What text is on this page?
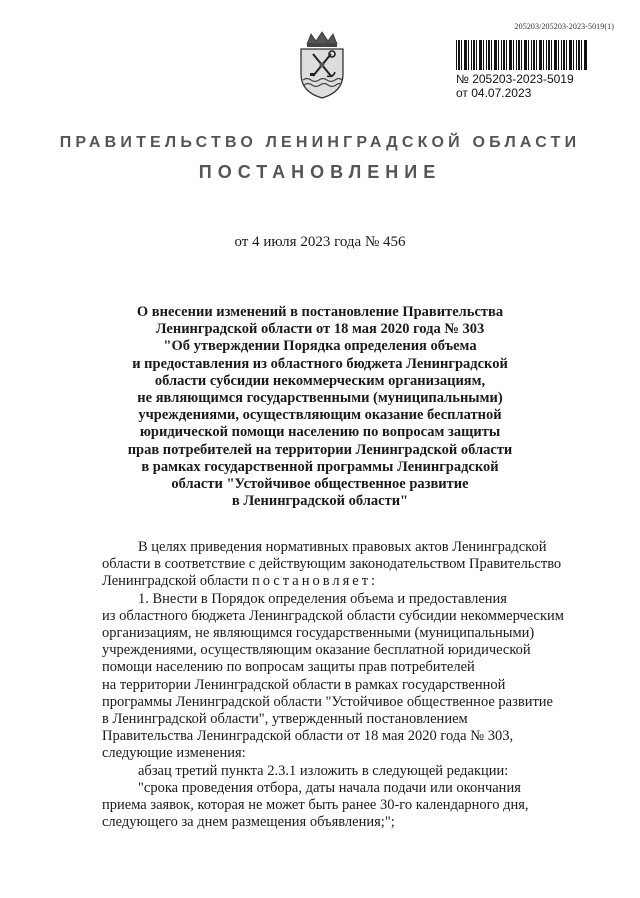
205203/205203-2023-5019(1)
№ 205203-2023-5019
от 04.07.2023
ПРАВИТЕЛЬСТВО ЛЕНИНГРАДСКОЙ ОБЛАСТИ
ПОСТАНОВЛЕНИЕ
от 4 июля 2023 года № 456
О внесении изменений в постановление Правительства
Ленинградской области от 18 мая 2020 года № 303
"Об утверждении Порядка определения объема
и предоставления из областного бюджета Ленинградской
области субсидии некоммерческим организациям,
не являющимся государственными (муниципальными)
учреждениями, осуществляющим оказание бесплатной
юридической помощи населению по вопросам защиты
прав потребителей на территории Ленинградской области
в рамках государственной программы Ленинградской
области "Устойчивое общественное развитие
в Ленинградской области"
В целях приведения нормативных правовых актов Ленинградской
области в соответствие с действующим законодательством Правительство
Ленинградской области постановляет:
1. Внести в Порядок определения объема и предоставления
из областного бюджета Ленинградской области субсидии некоммерческим
организациям, не являющимся государственными (муниципальными)
учреждениями, осуществляющим оказание бесплатной юридической
помощи населению по вопросам защиты прав потребителей
на территории Ленинградской области в рамках государственной
программы Ленинградской области "Устойчивое общественное развитие
в Ленинградской области", утвержденный постановлением
Правительства Ленинградской области от 18 мая 2020 года № 303,
следующие изменения:
абзац третий пункта 2.3.1 изложить в следующей редакции:
"срока проведения отбора, даты начала подачи или окончания
приема заявок, которая не может быть ранее 30-го календарного дня,
следующего за днем размещения объявления;";
